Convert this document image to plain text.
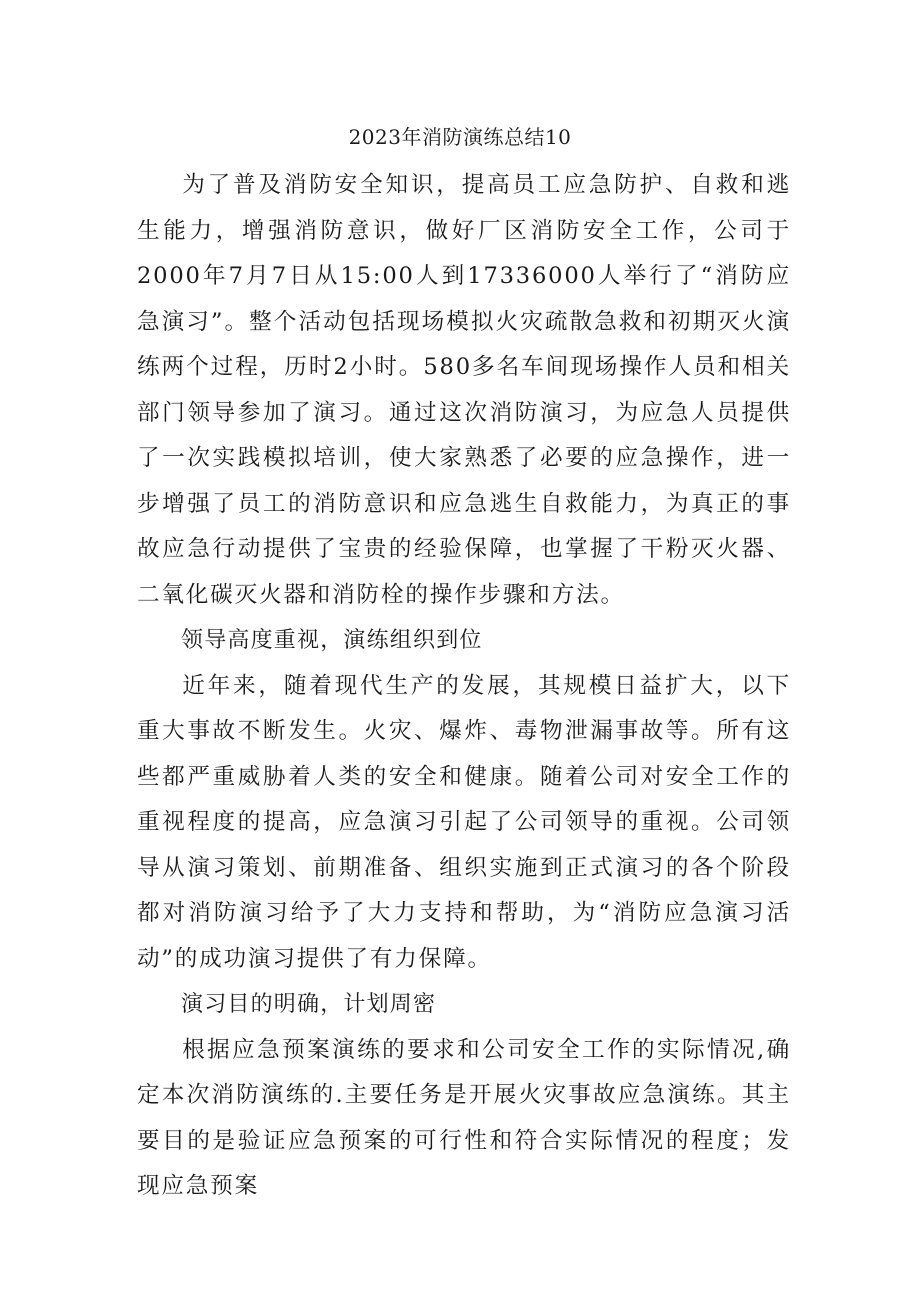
2023年消防演练总结10

为了普及消防安全知识，提高员工应急防护、自救和逃生能力，增强消防意识，做好厂区消防安全工作，公司于2000年7月7日从15:00人到17336000人举行了“消防应急演习”。整个活动包括现场模拟火灾疏散急救和初期灭火演练两个过程，历时2小时。580多名车间现场操作人员和相关部门领导参加了演习。通过这次消防演习，为应急人员提供了一次实践模拟培训，使大家熟悉了必要的应急操作，进一步增强了员工的消防意识和应急逃生自救能力，为真正的事故应急行动提供了宝贵的经验保障，也掌握了干粉灭火器、二氧化碳灭火器和消防栓的操作步骤和方法。

领导高度重视，演练组织到位

近年来，随着现代生产的发展，其规模日益扩大，以下重大事故不断发生。火灾、爆炸、毒物泄漏事故等。所有这些都严重威胁着人类的安全和健康。随着公司对安全工作的重视程度的提高，应急演习引起了公司领导的重视。公司领导从演习策划、前期准备、组织实施到正式演习的各个阶段都对消防演习给予了大力支持和帮助，为“消防应急演习活动”的成功演习提供了有力保障。

演习目的明确，计划周密

根据应急预案演练的要求和公司安全工作的实际情况,确定本次消防演练的.主要任务是开展火灾事故应急演练。其主要目的是验证应急预案的可行性和符合实际情况的程度；发现应急预案
